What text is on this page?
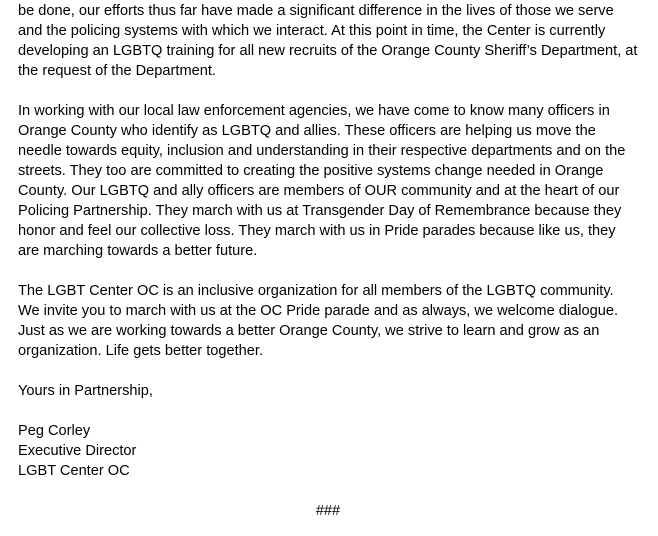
be done, our efforts thus far have made a significant difference in the lives of those we serve
and the policing systems with which we interact. At this point in time, the Center is currently
developing an LGBTQ training for all new recruits of the Orange County Sheriff’s Department, at
the request of the Department.
In working with our local law enforcement agencies, we have come to know many officers in
Orange County who identify as LGBTQ and allies. These officers are helping us move the
needle towards equity, inclusion and understanding in their respective departments and on the
streets. They too are committed to creating the positive systems change needed in Orange
County. Our LGBTQ and ally officers are members of OUR community and at the heart of our
Policing Partnership. They march with us at Transgender Day of Remembrance because they
honor and feel our collective loss. They march with us in Pride parades because like us, they
are marching towards a better future.
The LGBT Center OC is an inclusive organization for all members of the LGBTQ community.
We invite you to march with us at the OC Pride parade and as always, we welcome dialogue.
Just as we are working towards a better Orange County, we strive to learn and grow as an
organization. Life gets better together.
Yours in Partnership,
Peg Corley
Executive Director
LGBT Center OC
###
